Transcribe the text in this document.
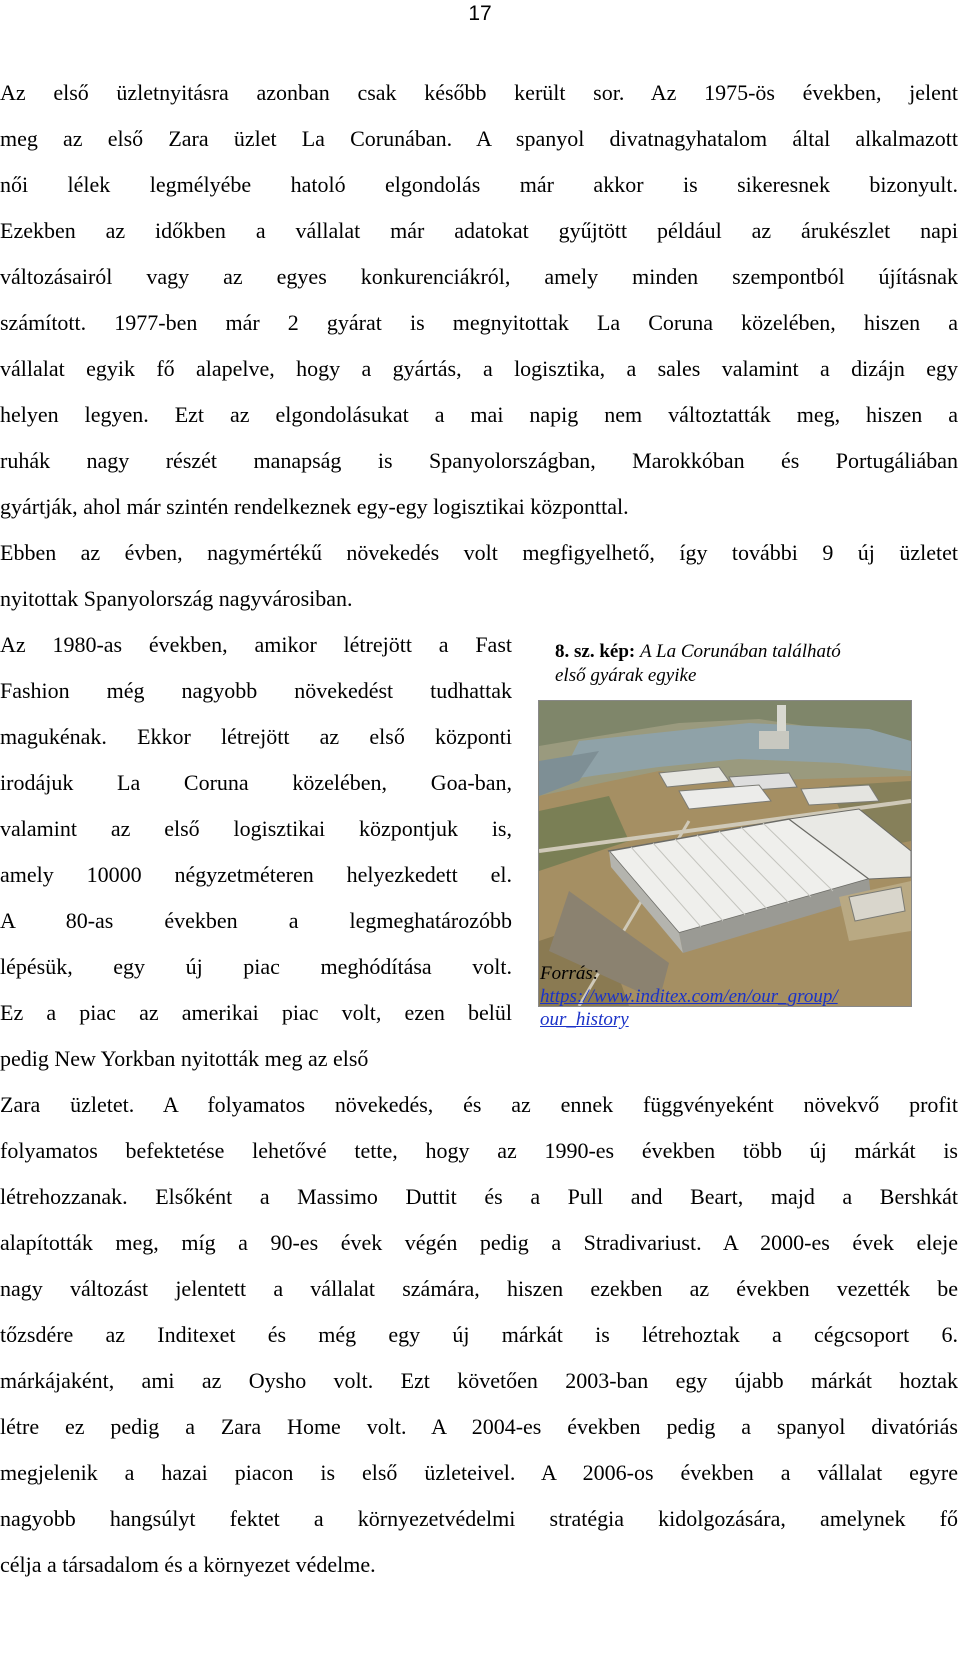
17

Az első üzletnyitásra azonban csak később került sor. Az 1975-ös években, jelent

meg az első Zara üzlet La Corunában. A spanyol divatnagyhatalom által alkalmazott

női lélek legmélyébe hatoló elgondolás már akkor is sikeresnek bizonyult.

Ezekben az időkben a vállalat már adatokat gyűjtött például az árukészlet napi

változásairól vagy az egyes konkurenciákról, amely minden szempontból újításnak

számított. 1977-ben már 2 gyárat is megnyitottak La Coruna közelében, hiszen a

vállalat egyik fő alapelve, hogy a gyártás, a logisztika, a sales valamint a dizájn egy

helyen legyen. Ezt az elgondolásukat a mai napig nem változtatták meg, hiszen a

ruhák nagy részét manapság is Spanyolországban, Marokkóban és Portugáliában

gyártják, ahol már szintén rendelkeznek egy-egy logisztikai központtal.

Ebben az évben, nagymértékű növekedés volt megfigyelhető, így további 9 új üzletet

nyitottak Spanyolország nagyvárosiban.

Az 1980-as években, amikor létrejött a Fast

Fashion még nagyobb növekedést tudhattak

magukénak. Ekkor létrejött az első központi

irodájuk La Coruna közelében, Goa-ban,

valamint az első logisztikai központjuk is,

amely 10000 négyzetméteren helyezkedett el.

A 80-as években a legmeghatározóbb

lépésük, egy új piac meghódítása volt.

Ez a piac az amerikai piac volt, ezen belül

pedig New Yorkban nyitották meg az első

Zara üzletet. A folyamatos növekedés, és az ennek függvényeként növekvő profit

folyamatos befektetése lehetővé tette, hogy az 1990-es években több új márkát is

létrehozzanak. Elsőként a Massimo Duttit és a Pull and Beart, majd a Bershkát

alapították meg, míg a 90-es évek végén pedig a Stradivariust. A 2000-es évek eleje

nagy változást jelentett a vállalat számára, hiszen ezekben az években vezették be

tőzsdére az Inditexet és még egy új márkát is létrehoztak a cégcsoport 6.

márkájaként, ami az Oysho volt. Ezt követően 2003-ban egy újabb márkát hoztak

létre ez pedig a Zara Home volt. A 2004-es években pedig a spanyol divatóriás

megjelenik a hazai piacon is első üzleteivel. A 2006-os években a vállalat egyre

nagyobb hangsúlyt fektet a környezetvédelmi stratégia kidolgozására, amelynek fő

célja a társadalom és a környezet védelme.

8. sz. kép: A La Corunában található
első gyárak egyike
Forrás:
https://www.inditex.com/en/our_group/
our_history
